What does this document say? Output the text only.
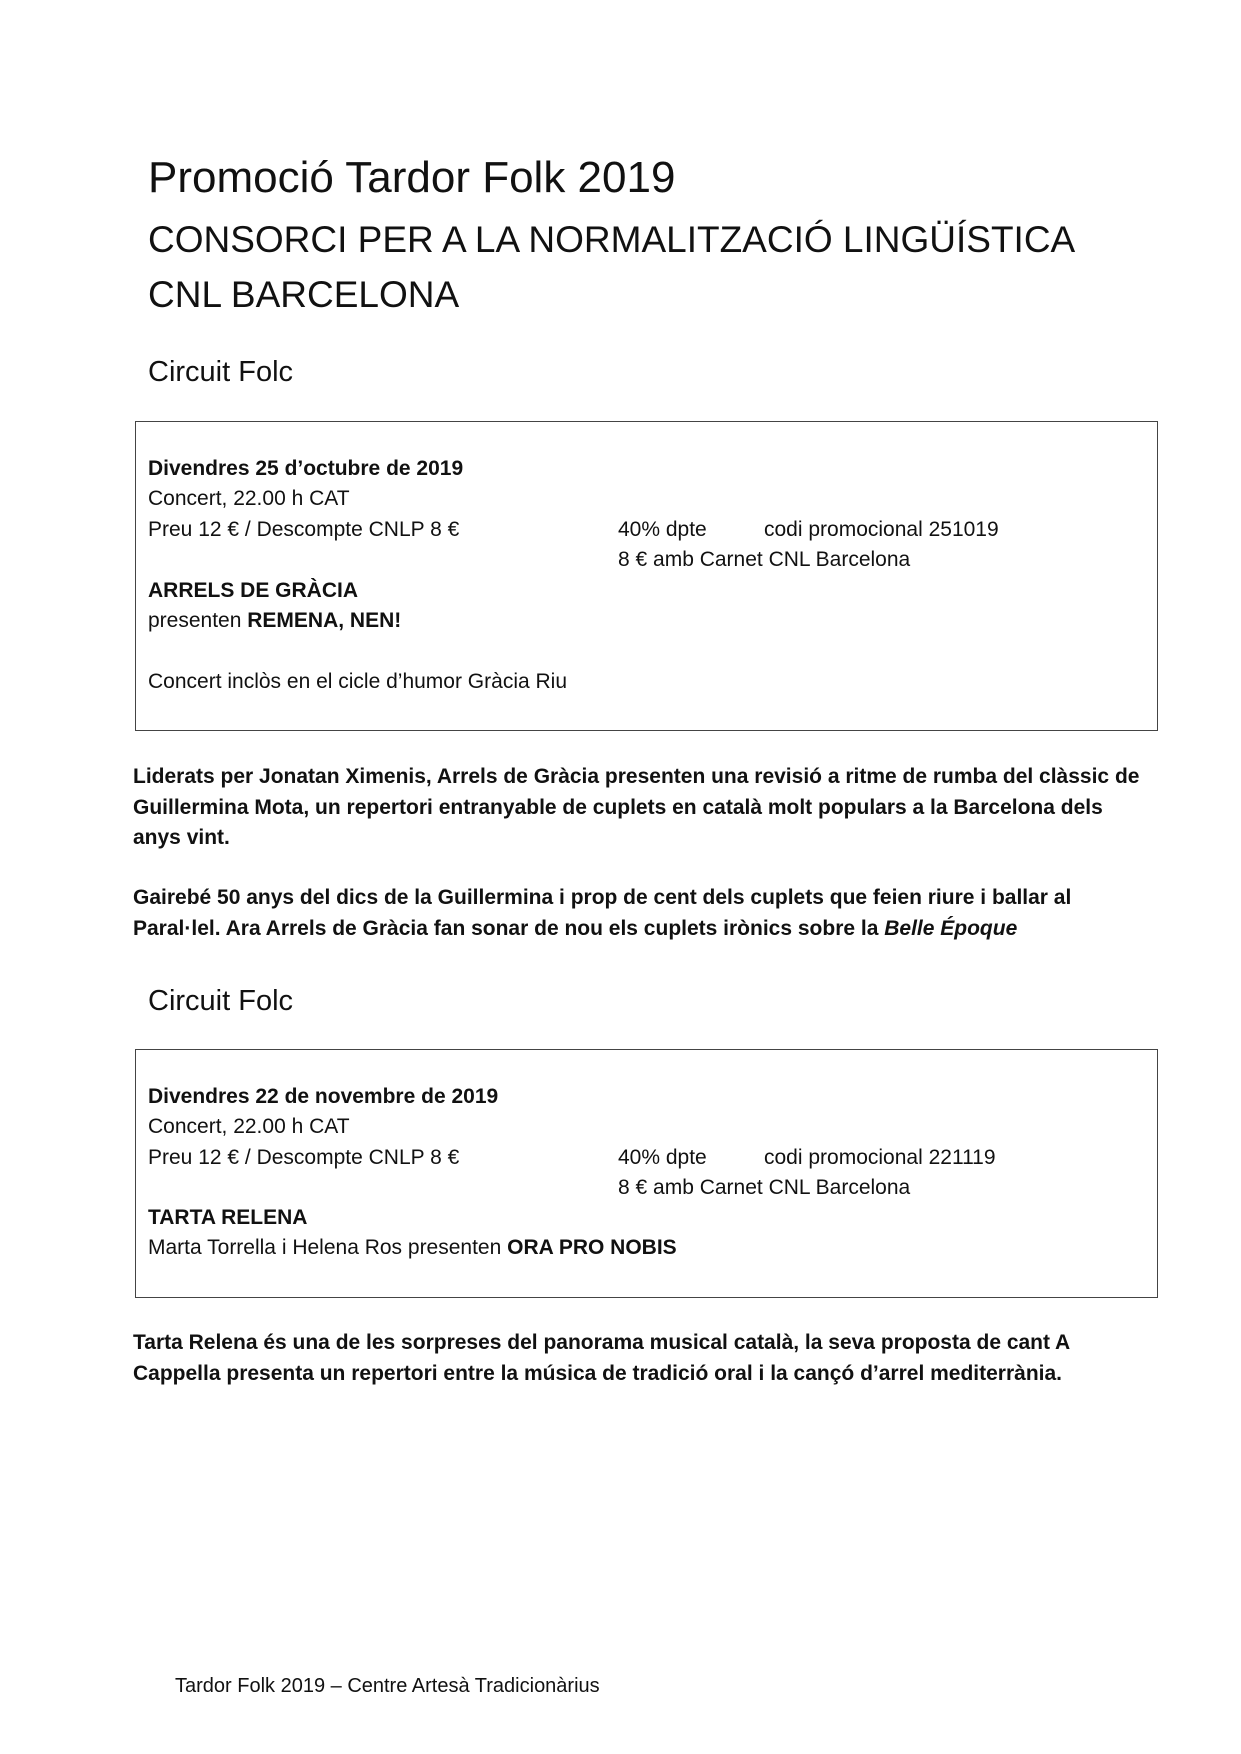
Promoció Tardor Folk 2019
CONSORCI PER A LA NORMALITZACIÓ LINGÜÍSTICA
CNL BARCELONA
Circuit Folc
Divendres 25 d’octubre de 2019
Concert, 22.00 h CAT
Preu 12 € / Descompte CNLP 8 €	40% dpte	codi promocional 251019
8 € amb Carnet CNL Barcelona
ARRELS DE GRÀCIA
presenten REMENA, NEN!
Concert inclòs en el cicle d’humor Gràcia Riu
Liderats per Jonatan Ximenis, Arrels de Gràcia presenten una revisió a ritme de rumba del clàssic de Guillermina Mota, un repertori entranyable de cuplets en català molt populars a la Barcelona dels anys vint.
Gairebé 50 anys del dics de la Guillermina i prop de cent dels cuplets que feien riure i ballar al Paral·lel. Ara Arrels de Gràcia fan sonar de nou els cuplets irònics sobre la Belle Époque
Circuit Folc
Divendres 22 de novembre de 2019
Concert, 22.00 h CAT
Preu 12 € / Descompte CNLP 8 €	40% dpte	codi promocional 221119
8 € amb Carnet CNL Barcelona
TARTA RELENA
Marta Torrella i Helena Ros presenten ORA PRO NOBIS
Tarta Relena és una de les sorpreses del panorama musical català, la seva proposta de cant A Cappella presenta un repertori entre la música de tradició oral i la cançó d’arrel mediterrània.
Tardor Folk 2019 – Centre Artesà Tradicionàrius
